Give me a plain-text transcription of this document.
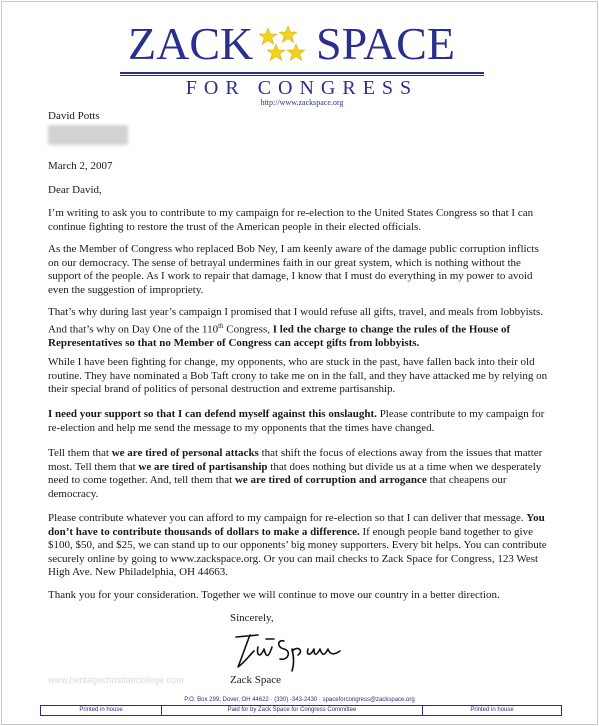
ZACK SPACE
FOR CONGRESS
http://www.zackspace.org
David Potts
March 2, 2007
Dear David,
I’m writing to ask you to contribute to my campaign for re-election to the United States Congress so that I can continue fighting to restore the trust of the American people in their elected officials.
As the Member of Congress who replaced Bob Ney, I am keenly aware of the damage public corruption inflicts on our democracy. The sense of betrayal undermines faith in our great system, which is nothing without the support of the people. As I work to repair that damage, I know that I must do everything in my power to avoid even the suggestion of impropriety.
That’s why during last year’s campaign I promised that I would refuse all gifts, travel, and meals from lobbyists. And that’s why on Day One of the 110th Congress, I led the charge to change the rules of the House of Representatives so that no Member of Congress can accept gifts from lobbyists.
While I have been fighting for change, my opponents, who are stuck in the past, have fallen back into their old routine. They have nominated a Bob Taft crony to take me on in the fall, and they have attacked me by relying on their special brand of politics of personal destruction and extreme partisanship.
I need your support so that I can defend myself against this onslaught. Please contribute to my campaign for re-election and help me send the message to my opponents that the times have changed.
Tell them that we are tired of personal attacks that shift the focus of elections away from the issues that matter most. Tell them that we are tired of partisanship that does nothing but divide us at a time when we desperately need to come together. And, tell them that we are tired of corruption and arrogance that cheapens our democracy.
Please contribute whatever you can afford to my campaign for re-election so that I can deliver that message. You don’t have to contribute thousands of dollars to make a difference. If enough people band together to give $100, $50, and $25, we can stand up to our opponents’ big money supporters. Every bit helps. You can contribute securely online by going to www.zackspace.org. Or you can mail checks to Zack Space for Congress, 123 West High Ave. New Philadelphia, OH 44663.
Thank you for your consideration. Together we will continue to move our country in a better direction.
Sincerely,
Zack Space
www.heritagechristiancollege.com
P.O. Box 299, Dover, OH 44622 · (330) -343-2430 · spaceforcongress@zackspace.org
Printed in house	Paid for by Zack Space for Congress Committee	Printed in house
